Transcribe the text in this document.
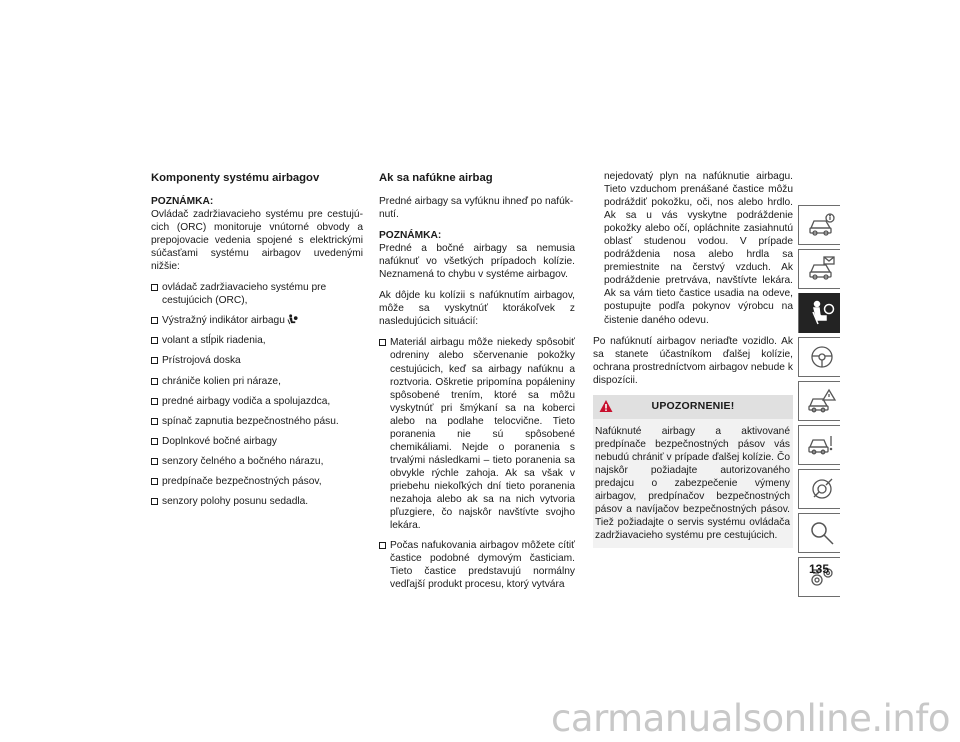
Komponenty systému airbagov
POZNÁMKA:
Ovládač zadržiavacieho systému pre cestujúcich (ORC) monitoruje vnútorné obvody a prepojovacie vedenia spojené s elektrickými súčasťami systému airbagov uvedenými nižšie:
ovládač zadržiavacieho systému pre cestujúcich (ORC),
Výstražný indikátor airbagu
volant a stĺpik riadenia,
Prístrojová doska
chrániče kolien pri náraze,
predné airbagy vodiča a spolujazdca,
spínač zapnutia bezpečnostného pásu.
Doplnkové bočné airbagy
senzory čelného a bočného nárazu,
predpínače bezpečnostných pásov,
senzory polohy posunu sedadla.
Ak sa nafúkne airbag
Predné airbagy sa vyfúknu ihneď po nafúknutí.
POZNÁMKA:
Predné a bočné airbagy sa nemusia nafúknuť vo všetkých prípadoch kolízie. Neznamená to chybu v systéme airbagov.
Ak dôjde ku kolízii s nafúknutím airbagov, môže sa vyskytnúť ktorákoľvek z nasledujúcich situácií:
Materiál airbagu môže niekedy spôsobiť odreniny alebo sčervenanie pokožky cestujúcich, keď sa airbagy nafúknu a roztvoria. Oškretie pripomína popáleniny spôsobené trením, ktoré sa môžu vyskytnúť pri šmýkaní sa na koberci alebo na podlahe telocvične. Tieto poranenia nie sú spôsobené chemikáliami. Nejde o poranenia s trvalými následkami – tieto poranenia sa obvykle rýchle zahoja. Ak sa však v priebehu niekoľkých dní tieto poranenia nezahoja alebo ak sa na nich vytvoria pľuzgiere, čo najskôr navštívte svojho lekára.
Počas nafukovania airbagov môžete cítiť častice podobné dymovým časticiam. Tieto častice predstavujú normálny vedľajší produkt procesu, ktorý vytvára
nejedovatý plyn na nafúknutie airbagu. Tieto vzduchom prenášané častice môžu podráždiť pokožku, oči, nos alebo hrdlo. Ak sa u vás vyskytne podráždenie pokožky alebo očí, opláchnite zasiahnutú oblasť studenou vodou. V prípade podráždenia nosa alebo hrdla sa premiestnite na čerstvý vzduch. Ak podráždenie pretrváva, navštívte lekára. Ak sa vám tieto častice usadia na odeve, postupujte podľa pokynov výrobcu na čistenie daného odevu.
Po nafúknutí airbagov neriaďte vozidlo. Ak sa stanete účastníkom ďalšej kolízie, ochrana prostredníctvom airbagov nebude k dispozícii.
UPOZORNENIE!
Nafúknuté airbagy a aktivované predpínače bezpečnostných pásov vás nebudú chrániť v prípade ďalšej kolízie. Čo najskôr požiadajte autorizovaného predajcu o zabezpečenie výmeny airbagov, predpínačov bezpečnostných pásov a navíjačov bezpečnostných pásov. Tiež požiadajte o servis systému ovládača zadržiavacieho systému pre cestujúcich.
135
carmanualsonline.info
